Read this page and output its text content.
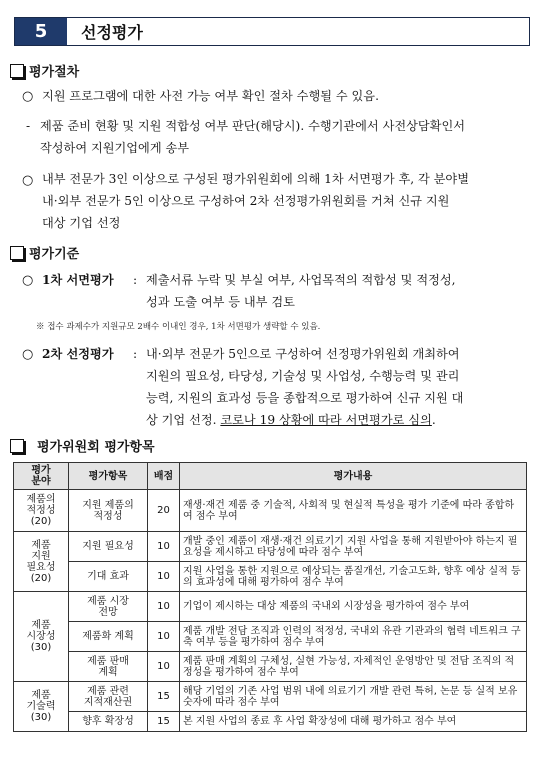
5	선정평가
평가절차
○ 지원 프로그램에 대한 사전 가능 여부 확인 절차 수행될 수 있음.
- 제품 준비 현황 및 지원 적합성 여부 판단(해당시). 수행기관에서 사전상담확인서
작성하여 지원기업에게 송부
○ 내부 전문가 3인 이상으로 구성된 평가위원회에 의해 1차 서면평가 후, 각 분야별
내·외부 전문가 5인 이상으로 구성하여 2차 선정평가위원회를 거쳐 신규 지원
대상 기업 선정
평가기준
○ 1차 서면평가 : 제출서류 누락 및 부실 여부, 사업목적의 적합성 및 적정성,
성과 도출 여부 등 내부 검토
※ 접수 과제수가 지원규모 2배수 이내인 경우, 1차 서면평가 생략할 수 있음.
○ 2차 선정평가 : 내·외부 전문가 5인으로 구성하여 선정평가위원회 개최하여
지원의 필요성, 타당성, 기술성 및 사업성, 수행능력 및 관리
능력, 지원의 효과성 등을 종합적으로 평가하여 신규 지원 대
상 기업 선정. 코로나 19 상황에 따라 서면평가로 심의.
평가위원회 평가항목
평가
분야	평가항목	배점	평가내용
제품의
적정성
(20)	지원 제품의
적정성	20	재생·재건 제품 중 기술적, 사회적 및 현실적 특성을 평가 기준에 따라 종합하여 점수 부여
제품
지원
필요성
(20)	지원 필요성	10	개발 중인 제품이 재생·재건 의료기기 지원 사업을 통해 지원받아야 하는지 필요성을 제시하고 타당성에 따라 점수 부여
	기대 효과	10	지원 사업을 통한 지원으로 예상되는 품질개선, 기술고도화, 향후 예상 실적 등의 효과성에 대해 평가하여 점수 부여
제품
시장성
(30)	제품 시장
전망	10	기업이 제시하는 대상 제품의 국내외 시장성을 평가하여 점수 부여
	제품화 계획	10	제품 개발 전담 조직과 인력의 적정성, 국내외 유관 기관과의 협력 네트워크 구축 여부 등을 평가하여 점수 부여
	제품 판매
계획	10	제품 판매 계획의 구체성, 실현 가능성, 자체적인 운영방안 및 전담 조직의 적정성을 평가하여 점수 부여
제품
기술력
(30)	제품 관련
지적재산권	15	해당 기업의 기존 사업 범위 내에 의료기기 개발 관련 특허, 논문 등 실적 보유 숫자에 따라 점수 부여
	향후 확장성	15	본 지원 사업의 종료 후 사업 확장성에 대해 평가하고 점수 부여
